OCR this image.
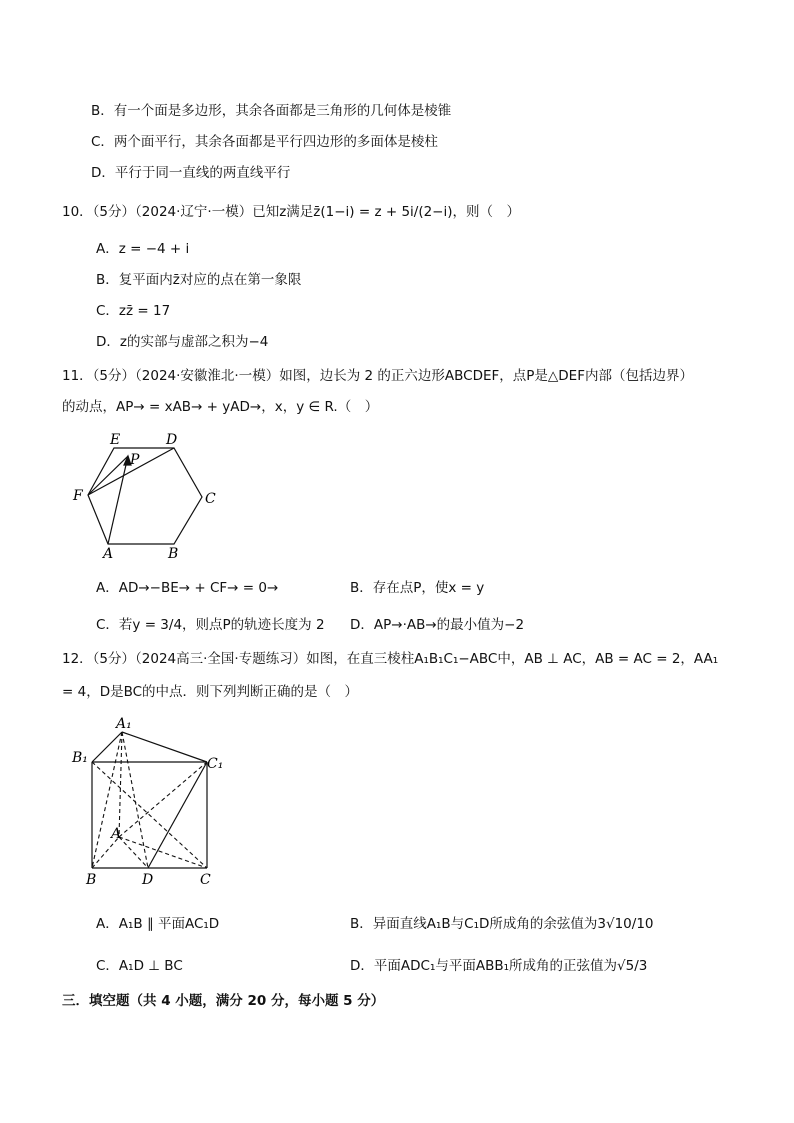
B．有一个面是多边形，其余各面都是三角形的几何体是棱锥
C．两个面平行，其余各面都是平行四边形的多面体是棱柱
D．平行于同一直线的两直线平行
10．（5分）（2024·辽宁·一模）已知z满足z̄(1−i) = z + 5i/(2−i)，则（　）
A．z = −4 + i
B．复平面内z̄对应的点在第一象限
C．zz̄ = 17
D．z的实部与虚部之积为−4
11．（5分）（2024·安徽淮北·一模）如图，边长为 2 的正六边形ABCDEF，点P是△DEF内部（包括边界）
的动点，AP→ = xAB→ + yAD→，x，y ∈ R.（　）
E	D
P
F	C
A	B
A．AD→−BE→ + CF→ = 0→	B．存在点P，使x = y
C．若y = 3/4，则点P的轨迹长度为 2 D．AP→·AB→的最小值为−2
12．（5分）（2024高三·全国·专题练习）如图，在直三棱柱A₁B₁C₁−ABC中，AB ⊥ AC，AB = AC = 2，AA₁
= 4，D是BC的中点．则下列判断正确的是（　）
A₁
B₁	C₁
A
B	D	C
A．A₁B ∥ 平面AC₁D	B．异面直线A₁B与C₁D所成角的余弦值为3√10/10
C．A₁D ⊥ BC	D．平面ADC₁与平面ABB₁所成角的正弦值为√5/3
三．填空题（共 4 小题，满分 20 分，每小题 5 分）
